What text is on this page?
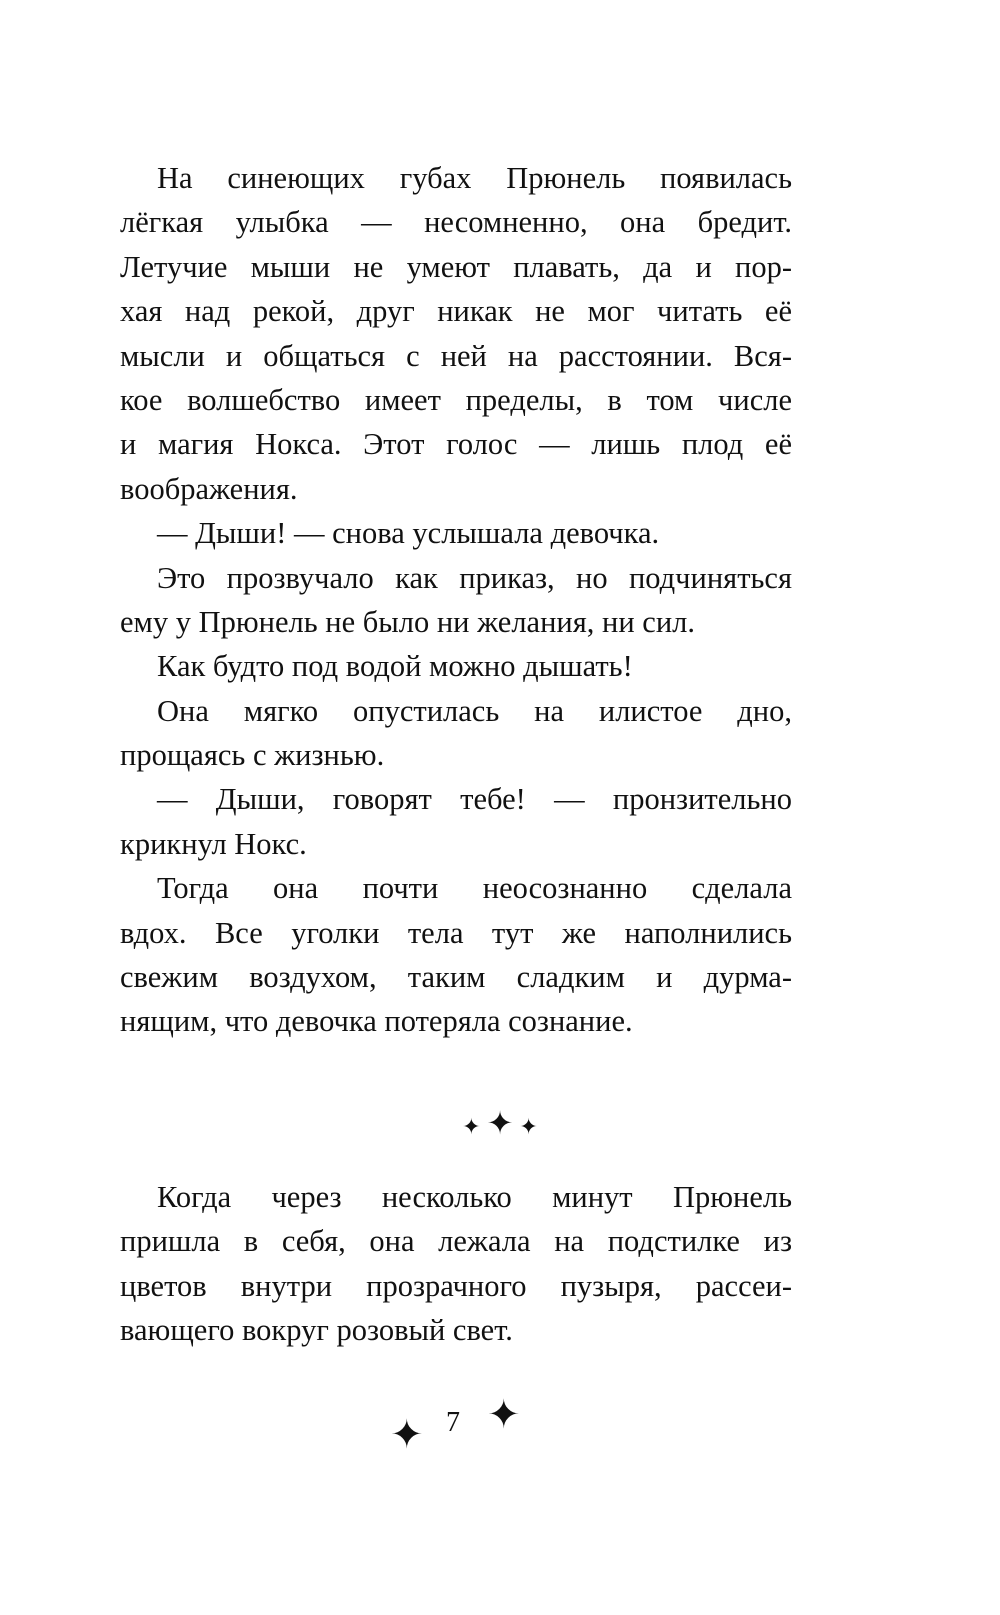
На синеющих губах Прюнель появилась
лёгкая улыбка — несомненно, она бредит.
Летучие мыши не умеют плавать, да и пор-
хая над рекой, друг никак не мог читать её
мысли и общаться с ней на расстоянии. Вся-
кое волшебство имеет пределы, в том числе
и магия Нокса. Этот голос — лишь плод её
воображения.
— Дыши! — снова услышала девочка.
Это прозвучало как приказ, но подчиняться
ему у Прюнель не было ни желания, ни сил.
Как будто под водой можно дышать!
Она мягко опустилась на илистое дно,
прощаясь с жизнью.
— Дыши, говорят тебе! — пронзительно
крикнул Нокс.
Тогда она почти неосознанно сделала
вдох. Все уголки тела тут же наполнились
свежим воздухом, таким сладким и дурма-
нящим, что девочка потеряла сознание.
✦ ✦ ✦
Когда через несколько минут Прюнель
пришла в себя, она лежала на подстилке из
цветов внутри прозрачного пузыря, рассеи-
вающего вокруг розовый свет.
✦ 7 ✦
